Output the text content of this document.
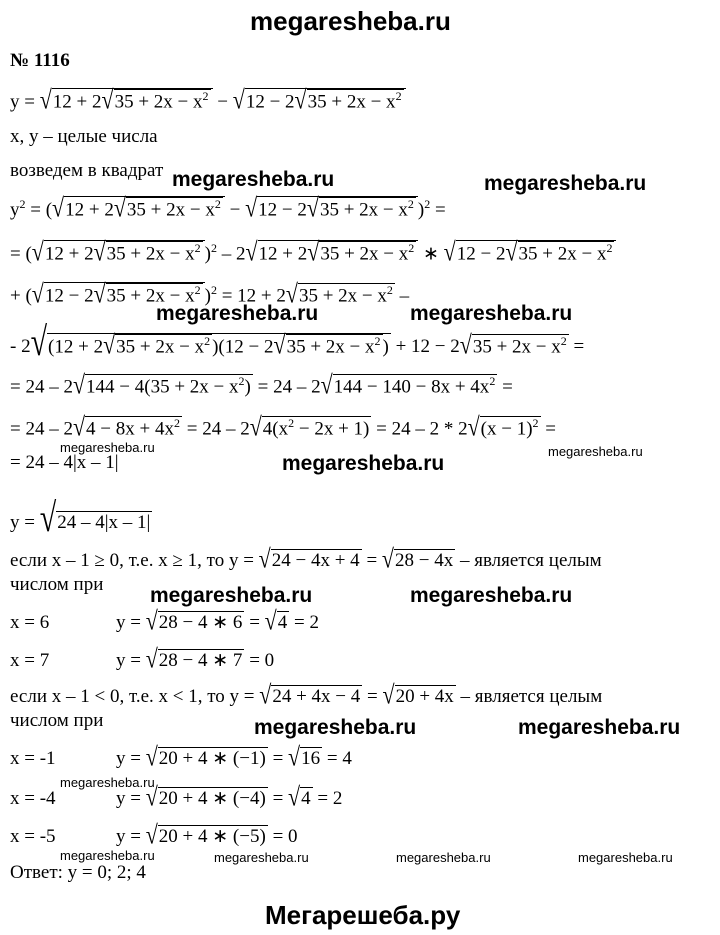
megaresheba.ru
№ 1116
$y = √12 + 2√35 + 2x - x^2 - √12 - 2√35 + 2x - x^2$
x, y – целые числа
возведем в квадрат
$y^2 = (√12 + 2√35 + 2x - x^2 - √12 - 2√35 + 2x - x^2$ )$^2$ =
= ($√12 + 2√35 + 2x - x^2$ )$^2 - 2√12 + 2√35 + 2x - x^2$ ∗ $√12 - 2√35 + 2x - x^2$
+ ($√12 - 2√35 + 2x - x^2$ )$^2 = 12 + 2√35 + 2x - x^2$ –
- $2√(12 + 2√35 + 2x - x^2$ )($12 - 2√35 + 2x - x^2$ ) + $12 - 2√35 + 2x - x^2$ =
= $24 - 2√144 - 4(35 + 2x - x^2) = 24 - 2√144 - 140 - 8x + 4x^2$ =
= $24 - 2√4 - 8x + 4x^2 = 24 - 2√4(x^2 - 2x + 1) = 24 - 2 * 2√(x - 1)^2$ =
= 24 – 4|x – 1|
y = √24 – 4|x – 1|
если x – 1 ≥ 0, т.е. x ≥ 1, то y = √24 − 4x + 4 = √28 − 4x – является целым
числом при
x = 6	y = √28 − 4 ∗ 6 = √4 = 2
x = 7	y = √28 − 4 ∗ 7 = 0
если x – 1 < 0, т.е. x < 1, то y = √24 + 4x − 4 = √20 + 4x – является целым
числом при
x = -1	y = √20 + 4 ∗ (−1) = √16 = 4
x = -4	y = √20 + 4 ∗ (−4) = √4 = 2
x = -5	y = √20 + 4 ∗ (−5) = 0
Ответ: y = 0; 2; 4
megaresheba.ru	megaresheba.ru
megaresheba.ru	megaresheba.ru
megaresheba.ru
megaresheba.ru	megaresheba.ru
megaresheba.ru	megaresheba.ru
megaresheba.ru	megaresheba.ru
megaresheba.ru
megaresheba.ru	megaresheba.ru	megaresheba.ru	megaresheba.ru
Мегарешеба.ру
